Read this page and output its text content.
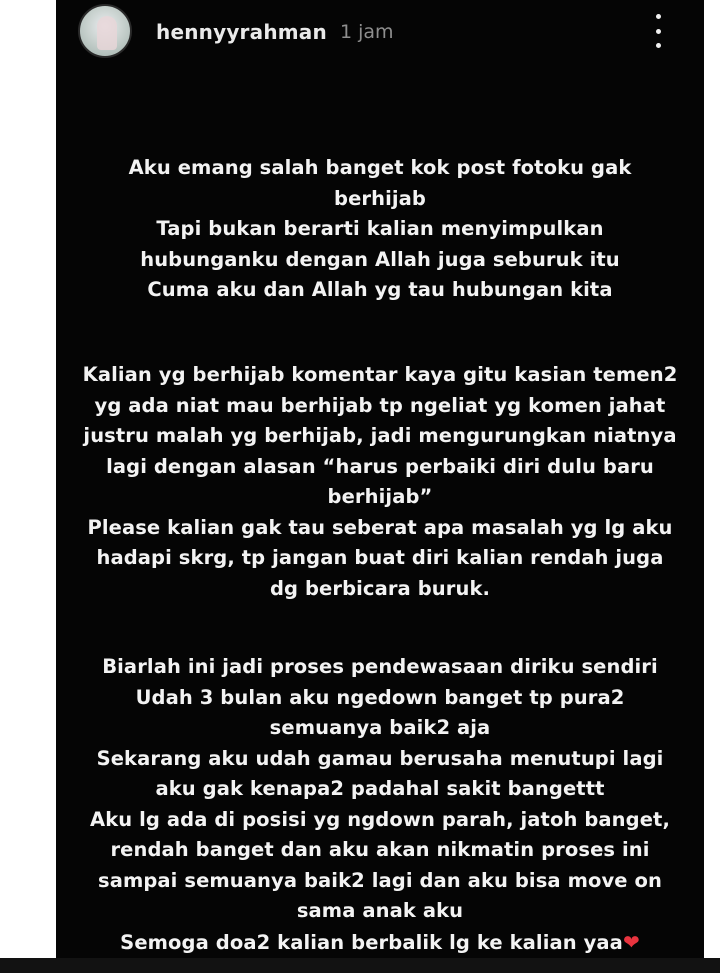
hennyyrahman 1 jam
Aku emang salah banget kok post fotoku gak
berhijab
Tapi bukan berarti kalian menyimpulkan
hubunganku dengan Allah juga seburuk itu
Cuma aku dan Allah yg tau hubungan kita
Kalian yg berhijab komentar kaya gitu kasian temen2
yg ada niat mau berhijab tp ngeliat yg komen jahat
justru malah yg berhijab, jadi mengurungkan niatnya
lagi dengan alasan “harus perbaiki diri dulu baru
berhijab”
Please kalian gak tau seberat apa masalah yg lg aku
hadapi skrg, tp jangan buat diri kalian rendah juga
dg berbicara buruk.
Biarlah ini jadi proses pendewasaan diriku sendiri
Udah 3 bulan aku ngedown banget tp pura2
semuanya baik2 aja
Sekarang aku udah gamau berusaha menutupi lagi
aku gak kenapa2 padahal sakit bangettt
Aku lg ada di posisi yg ngdown parah, jatoh banget,
rendah banget dan aku akan nikmatin proses ini
sampai semuanya baik2 lagi dan aku bisa move on
sama anak aku
Semoga doa2 kalian berbalik lg ke kalian yaa❤
